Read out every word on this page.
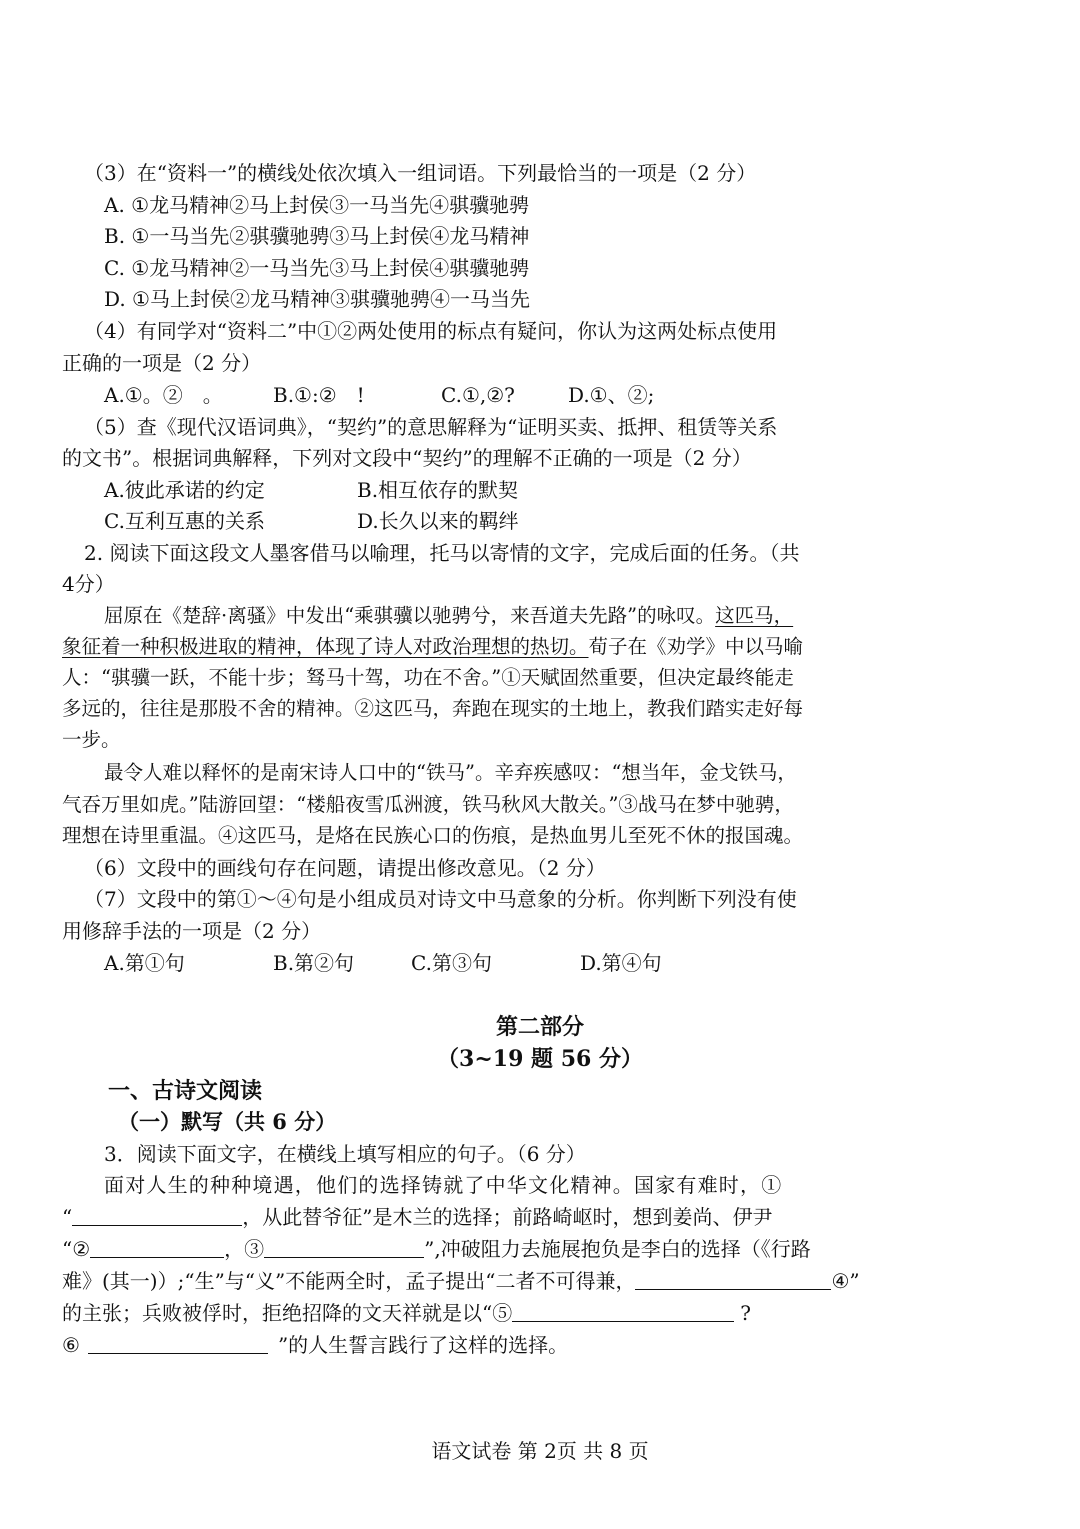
（3）在“资料一”的横线处依次填入一组词语。下列最恰当的一项是（2 分）
A. ①龙马精神②马上封侯③一马当先④骐骥驰骋
B. ①一马当先②骐骥驰骋③马上封侯④龙马精神
C. ①龙马精神②一马当先③马上封侯④骐骥驰骋
D. ①马上封侯②龙马精神③骐骥驰骋④一马当先
（4）有同学对“资料二”中①②两处使用的标点有疑问，你认为这两处标点使用
正确的一项是（2 分）
A.①。②　。	B.①:②　!	C.①,②?	D.①、②;
（5）查《现代汉语词典》，“契约”的意思解释为“证明买卖、抵押、租赁等关系
的文书”。根据词典解释，下列对文段中“契约”的理解不正确的一项是（2 分）
A.彼此承诺的约定	B.相互依存的默契
C.互利互惠的关系	D.长久以来的羁绊
2. 阅读下面这段文人墨客借马以喻理，托马以寄情的文字，完成后面的任务。（共
4分）
屈原在《楚辞·离骚》中发出“乘骐骥以驰骋兮，来吾道夫先路”的咏叹。这匹马，
象征着一种积极进取的精神，体现了诗人对政治理想的热切。荀子在《劝学》中以马喻
人：“骐骥一跃，不能十步；驽马十驾，功在不舍。”①天赋固然重要，但决定最终能走
多远的，往往是那股不舍的精神。②这匹马，奔跑在现实的土地上，教我们踏实走好每
一步。
最令人难以释怀的是南宋诗人口中的“铁马”。辛弃疾感叹：“想当年，金戈铁马，
气吞万里如虎。”陆游回望：“楼船夜雪瓜洲渡，铁马秋风大散关。”③战马在梦中驰骋，
理想在诗里重温。④这匹马，是烙在民族心口的伤痕，是热血男儿至死不休的报国魂。
（6）文段中的画线句存在问题，请提出修改意见。（2 分）
（7）文段中的第①～④句是小组成员对诗文中马意象的分析。你判断下列没有使
用修辞手法的一项是（2 分）
A.第①句	B.第②句	C.第③句	D.第④句
第二部分
（3~19 题 56 分）
一、古诗文阅读
（一）默写（共 6 分）
3．阅读下面文字，在横线上填写相应的句子。（6 分）
面对人生的种种境遇，他们的选择铸就了中华文化精神。国家有难时，①
“	，从此替爷征”是木兰的选择；前路崎岖时，想到姜尚、伊尹
“②	，③	”,冲破阻力去施展抱负是李白的选择（《行路
难》(其一)）;“生”与“义”不能两全时，孟子提出“二者不可得兼，	④”
的主张；兵败被俘时，拒绝招降的文天祥就是以“⑤	?
⑥	”的人生誓言践行了这样的选择。
语文试卷 第 2页 共 8 页
